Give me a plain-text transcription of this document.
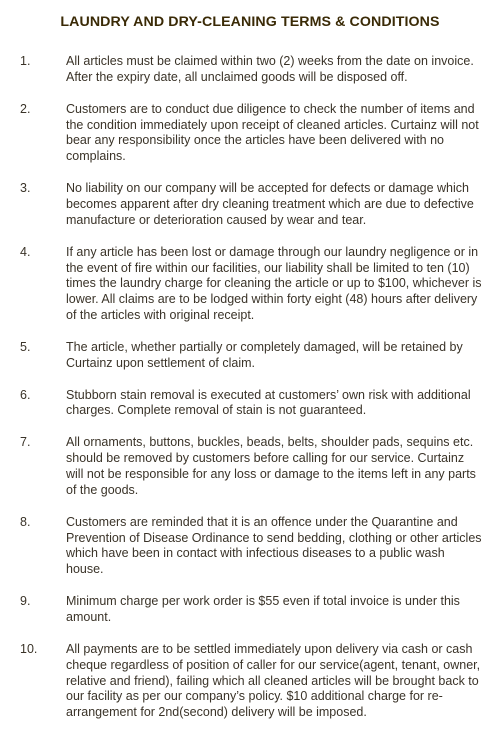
LAUNDRY AND DRY-CLEANING TERMS & CONDITIONS
1.	All articles must be claimed within two (2) weeks from the date on invoice. After the expiry date, all unclaimed goods will be disposed off.
2.	Customers are to conduct due diligence to check the number of items and the condition immediately upon receipt of cleaned articles. Curtainz will not bear any responsibility once the articles have been delivered with no complains.
3.	No liability on our company will be accepted for defects or damage which becomes apparent after dry cleaning treatment which are due to defective manufacture or deterioration caused by wear and tear.
4.	If any article has been lost or damage through our laundry negligence or in the event of fire within our facilities, our liability shall be limited to ten (10) times the laundry charge for cleaning the article or up to $100, whichever is lower. All claims are to be lodged within forty eight (48) hours after delivery of the articles with original receipt.
5.	The article, whether partially or completely damaged, will be retained by Curtainz upon settlement of claim.
6.	Stubborn stain removal is executed at customers’ own risk with additional charges. Complete removal of stain is not guaranteed.
7.	All ornaments, buttons, buckles, beads, belts, shoulder pads, sequins etc. should be removed by customers before calling for our service. Curtainz will not be responsible for any loss or damage to the items left in any parts of the goods.
8.	Customers are reminded that it is an offence under the Quarantine and Prevention of Disease Ordinance to send bedding, clothing or other articles which have been in contact with infectious diseases to a public wash house.
9.	Minimum charge per work order is $55 even if total invoice is under this amount.
10.	All payments are to be settled immediately upon delivery via cash or cash cheque regardless of position of caller for our service(agent, tenant, owner, relative and friend), failing which all cleaned articles will be brought back to our facility as per our company’s policy. $10 additional charge for re-arrangement for 2nd(second) delivery will be imposed.
